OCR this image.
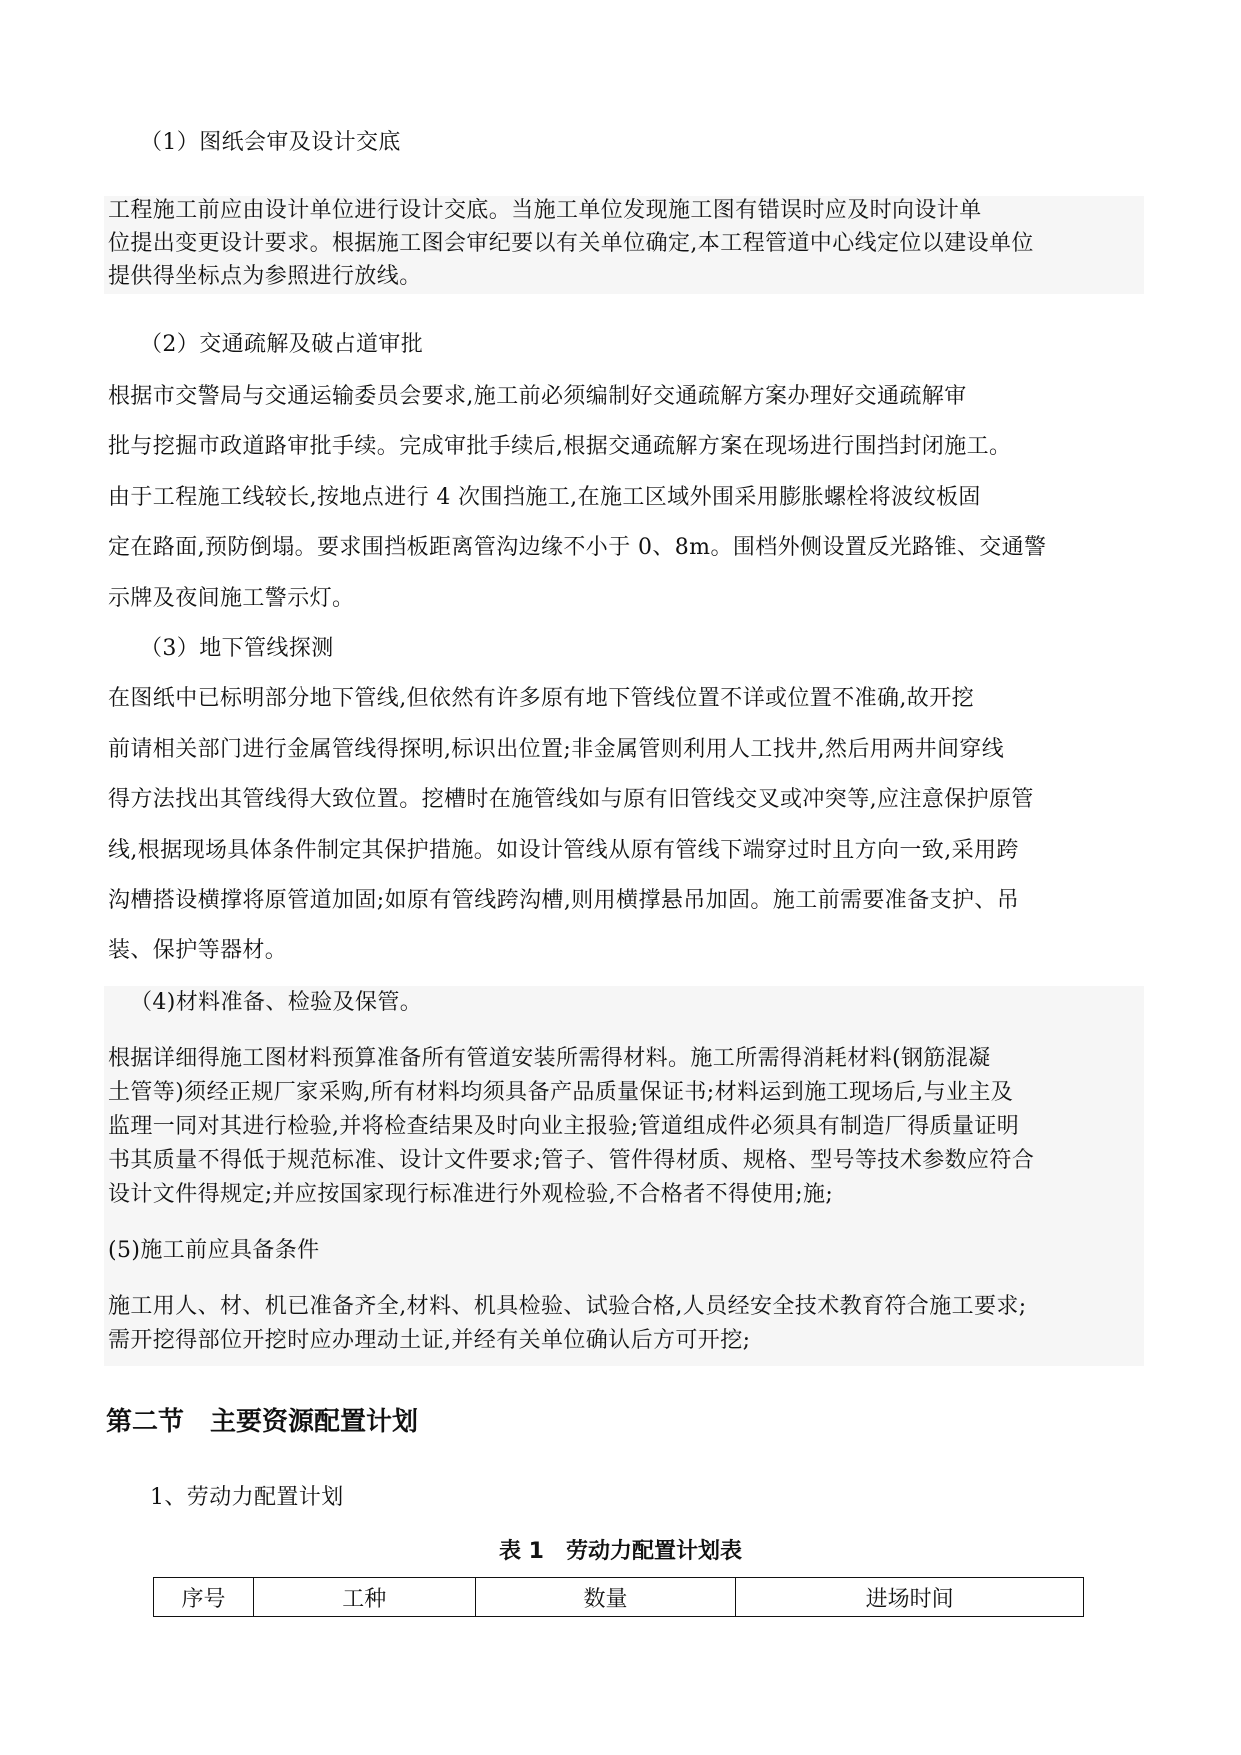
（1）图纸会审及设计交底
工程施工前应由设计单位进行设计交底。当施工单位发现施工图有错误时应及时向设计单
位提出变更设计要求。根据施工图会审纪要以有关单位确定,本工程管道中心线定位以建设单位
提供得坐标点为参照进行放线。
（2）交通疏解及破占道审批
根据市交警局与交通运输委员会要求,施工前必须编制好交通疏解方案办理好交通疏解审
批与挖掘市政道路审批手续。完成审批手续后,根据交通疏解方案在现场进行围挡封闭施工。
由于工程施工线较长,按地点进行 4 次围挡施工,在施工区域外围采用膨胀螺栓将波纹板固
定在路面,预防倒塌。要求围挡板距离管沟边缘不小于 0、8m。围档外侧设置反光路锥、交通警
示牌及夜间施工警示灯。
（3）地下管线探测
在图纸中已标明部分地下管线,但依然有许多原有地下管线位置不详或位置不准确,故开挖
前请相关部门进行金属管线得探明,标识出位置;非金属管则利用人工找井,然后用两井间穿线
得方法找出其管线得大致位置。挖槽时在施管线如与原有旧管线交叉或冲突等,应注意保护原管
线,根据现场具体条件制定其保护措施。如设计管线从原有管线下端穿过时且方向一致,采用跨
沟槽搭设横撑将原管道加固;如原有管线跨沟槽,则用横撑悬吊加固。施工前需要准备支护、吊
装、保护等器材。
（4)材料准备、检验及保管。
根据详细得施工图材料预算准备所有管道安装所需得材料。施工所需得消耗材料(钢筋混凝
土管等)须经正规厂家采购,所有材料均须具备产品质量保证书;材料运到施工现场后,与业主及
监理一同对其进行检验,并将检查结果及时向业主报验;管道组成件必须具有制造厂得质量证明
书其质量不得低于规范标准、设计文件要求;管子、管件得材质、规格、型号等技术参数应符合
设计文件得规定;并应按国家现行标准进行外观检验,不合格者不得使用;施;
(5)施工前应具备条件
施工用人、材、机已准备齐全,材料、机具检验、试验合格,人员经安全技术教育符合施工要求;
需开挖得部位开挖时应办理动土证,并经有关单位确认后方可开挖;
第二节　主要资源配置计划
1、劳动力配置计划
表 1　劳动力配置计划表
序号	工种	数量	进场时间
